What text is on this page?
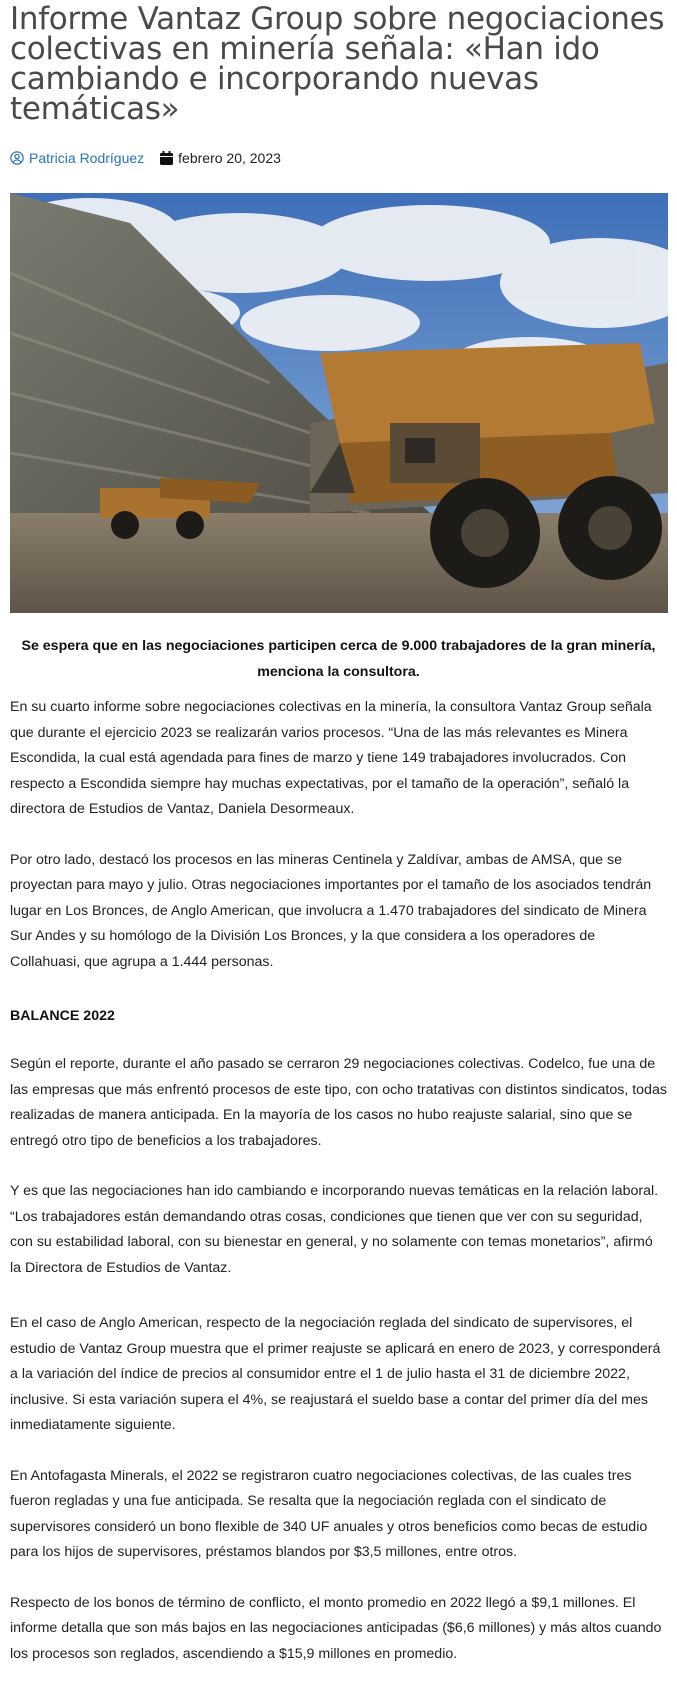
Informe Vantaz Group sobre negociaciones colectivas en minería señala: «Han ido cambiando e incorporando nuevas temáticas»
Patricia Rodríguez febrero 20, 2023

Se espera que en las negociaciones participen cerca de 9.000 trabajadores de la gran minería, menciona la consultora.

En su cuarto informe sobre negociaciones colectivas en la minería, la consultora Vantaz Group señala que durante el ejercicio 2023 se realizarán varios procesos. “Una de las más relevantes es Minera Escondida, la cual está agendada para fines de marzo y tiene 149 trabajadores involucrados. Con respecto a Escondida siempre hay muchas expectativas, por el tamaño de la operación”, señaló la directora de Estudios de Vantaz, Daniela Desormeaux.

Por otro lado, destacó los procesos en las mineras Centinela y Zaldívar, ambas de AMSA, que se proyectan para mayo y julio. Otras negociaciones importantes por el tamaño de los asociados tendrán lugar en Los Bronces, de Anglo American, que involucra a 1.470 trabajadores del sindicato de Minera Sur Andes y su homólogo de la División Los Bronces, y la que considera a los operadores de Collahuasi, que agrupa a 1.444 personas.

BALANCE 2022

Según el reporte, durante el año pasado se cerraron 29 negociaciones colectivas. Codelco, fue una de las empresas que más enfrentó procesos de este tipo, con ocho tratativas con distintos sindicatos, todas realizadas de manera anticipada. En la mayoría de los casos no hubo reajuste salarial, sino que se entregó otro tipo de beneficios a los trabajadores.

Y es que las negociaciones han ido cambiando e incorporando nuevas temáticas en la relación laboral. “Los trabajadores están demandando otras cosas, condiciones que tienen que ver con su seguridad, con su estabilidad laboral, con su bienestar en general, y no solamente con temas monetarios”, afirmó la Directora de Estudios de Vantaz.

En el caso de Anglo American, respecto de la negociación reglada del sindicato de supervisores, el estudio de Vantaz Group muestra que el primer reajuste se aplicará en enero de 2023, y corresponderá a la variación del índice de precios al consumidor entre el 1 de julio hasta el 31 de diciembre 2022, inclusive. Si esta variación supera el 4%, se reajustará el sueldo base a contar del primer día del mes inmediatamente siguiente.

En Antofagasta Minerals, el 2022 se registraron cuatro negociaciones colectivas, de las cuales tres fueron regladas y una fue anticipada. Se resalta que la negociación reglada con el sindicato de supervisores consideró un bono flexible de 340 UF anuales y otros beneficios como becas de estudio para los hijos de supervisores, préstamos blandos por $3,5 millones, entre otros.

Respecto de los bonos de término de conflicto, el monto promedio en 2022 llegó a $9,1 millones. El informe detalla que son más bajos en las negociaciones anticipadas ($6,6 millones) y más altos cuando los procesos son reglados, ascendiendo a $15,9 millones en promedio.
